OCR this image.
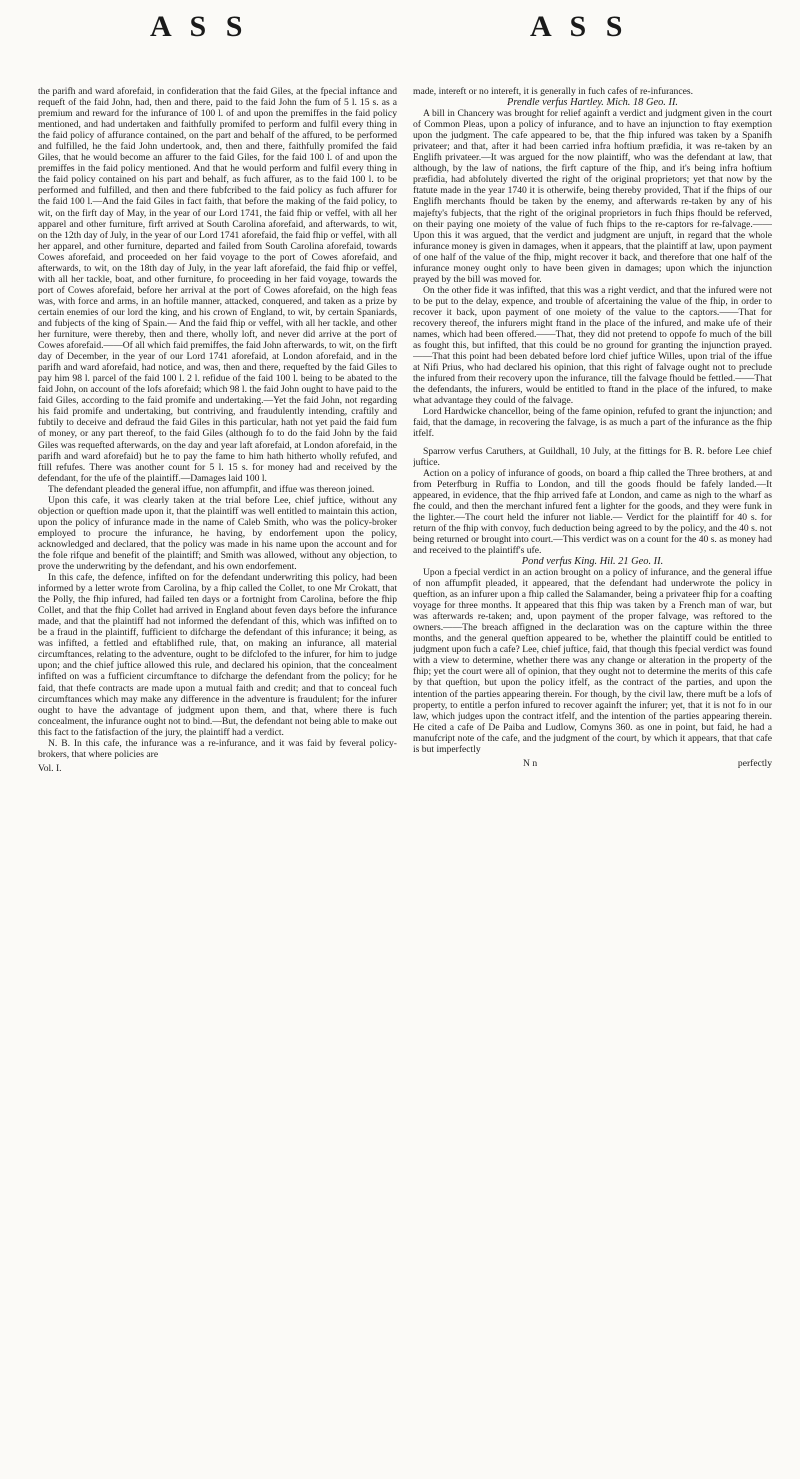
A S S	A S S

the parifh and ward aforefaid, in confideration that the faid Giles, at the fpecial inftance and requeft of the faid John, had, then and there, paid to the faid John the fum of 5 l. 15 s. as a premium and reward for the infurance of 100 l. of and upon the premiffes in the faid policy mentioned, and had undertaken and faithfully promifed to perform and fulfil every thing in the faid policy of affurance contained, on the part and behalf of the affured, to be performed and fulfilled, he the faid John undertook, and, then and there, faithfully promifed the faid Giles, that he would become an affurer to the faid Giles, for the faid 100 l. of and upon the premiffes in the faid policy mentioned. And that he would perform and fulfil every thing in the faid policy contained on his part and behalf, as fuch affurer, as to the faid 100 l. to be performed and fulfilled, and then and there fubfcribed to the faid policy as fuch affurer for the faid 100 l.—And the faid Giles in fact faith, that before the making of the faid policy, to wit, on the firft day of May, in the year of our Lord 1741, the faid fhip or veffel, with all her apparel and other furniture, firft arrived at South Carolina aforefaid, and afterwards, to wit, on the 12th day of July, in the year of our Lord 1741 aforefaid, the faid fhip or veffel, with all her apparel, and other furniture, departed and failed from South Carolina aforefaid, towards Cowes aforefaid, and proceeded on her faid voyage to the port of Cowes aforefaid, and afterwards, to wit, on the 18th day of July, in the year laft aforefaid, the faid fhip or veffel, with all her tackle, boat, and other furniture, fo proceeding in her faid voyage, towards the port of Cowes aforefaid, before her arrival at the port of Cowes aforefaid, on the high feas was, with force and arms, in an hoftile manner, attacked, conquered, and taken as a prize by certain enemies of our lord the king, and his crown of England, to wit, by certain Spaniards, and fubjects of the king of Spain.— And the faid fhip or veffel, with all her tackle, and other her furniture, were thereby, then and there, wholly loft, and never did arrive at the port of Cowes aforefaid.——Of all which faid premiffes, the faid John afterwards, to wit, on the firft day of December, in the year of our Lord 1741 aforefaid, at London aforefaid, and in the parifh and ward aforefaid, had notice, and was, then and there, requefted by the faid Giles to pay him 98 l. parcel of the faid 100 l. 2 l. refidue of the faid 100 l. being to be abated to the faid John, on account of the lofs aforefaid; which 98 l. the faid John ought to have paid to the faid Giles, according to the faid promife and undertaking.—Yet the faid John, not regarding his faid promife and undertaking, but contriving, and fraudulently intending, craftily and fubtily to deceive and defraud the faid Giles in this particular, hath not yet paid the faid fum of money, or any part thereof, to the faid Giles (although fo to do the faid John by the faid Giles was requefted afterwards, on the day and year laft aforefaid, at London aforefaid, in the parifh and ward aforefaid) but he to pay the fame to him hath hitherto wholly refufed, and ftill refufes. There was another count for 5 l. 15 s. for money had and received by the defendant, for the ufe of the plaintiff.—Damages laid 100 l.

The defendant pleaded the general iffue, non affumpfit, and iffue was thereon joined.

Upon this cafe, it was clearly taken at the trial before Lee, chief juftice, without any objection or queftion made upon it, that the plaintiff was well entitled to maintain this action, upon the policy of infurance made in the name of Caleb Smith, who was the policy-broker employed to procure the infurance, he having, by endorfement upon the policy, acknowledged and declared, that the policy was made in his name upon the account and for the fole rifque and benefit of the plaintiff; and Smith was allowed, without any objection, to prove the underwriting by the defendant, and his own endorfement.

In this cafe, the defence, infifted on for the defendant underwriting this policy, had been informed by a letter wrote from Carolina, by a fhip called the Collet, to one Mr Crokatt, that the Polly, the fhip infured, had failed ten days or a fortnight from Carolina, before the fhip Collet, and that the fhip Collet had arrived in England about feven days before the infurance made, and that the plaintiff had not informed the defendant of this, which was infifted on to be a fraud in the plaintiff, fufficient to difcharge the defendant of this infurance; it being, as was infifted, a fettled and eftablifhed rule, that, on making an infurance, all material circumftances, relating to the adventure, ought to be difclofed to the infurer, for him to judge upon; and the chief juftice allowed this rule, and declared his opinion, that the concealment infifted on was a fufficient circumftance to difcharge the defendant from the policy; for he faid, that thefe contracts are made upon a mutual faith and credit; and that to conceal fuch circumftances which may make any difference in the adventure is fraudulent; for the infurer ought to have the advantage of judgment upon them, and that, where there is fuch concealment, the infurance ought not to bind.—But, the defendant not being able to make out this fact to the fatisfaction of the jury, the plaintiff had a verdict.

N. B. In this cafe, the infurance was a re-infurance, and it was faid by feveral policy-brokers, that where policies are

Vol. I.

made, intereft or no intereft, it is generally in fuch cafes of re-infurances.

Prendle verfus Hartley. Mich. 18 Geo. II.

A bill in Chancery was brought for relief againft a verdict and judgment given in the court of Common Pleas, upon a policy of infurance, and to have an injunction to ftay exemption upon the judgment. The cafe appeared to be, that the fhip infured was taken by a Spanifh privateer; and that, after it had been carried infra hoftium præfidia, it was re-taken by an Englifh privateer.—It was argued for the now plaintiff, who was the defendant at law, that although, by the law of nations, the firft capture of the fhip, and it's being infra hoftium præfidia, had abfolutely diverted the right of the original proprietors; yet that now by the ftatute made in the year 1740 it is otherwife, being thereby provided, That if the fhips of our Englifh merchants fhould be taken by the enemy, and afterwards re-taken by any of his majefty's fubjects, that the right of the original proprietors in fuch fhips fhould be referved, on their paying one moiety of the value of fuch fhips to the re-captors for re-falvage.——Upon this it was argued, that the verdict and judgment are unjuft, in regard that the whole infurance money is given in damages, when it appears, that the plaintiff at law, upon payment of one half of the value of the fhip, might recover it back, and therefore that one half of the infurance money ought only to have been given in damages; upon which the injunction prayed by the bill was moved for.

On the other fide it was infifted, that this was a right verdict, and that the infured were not to be put to the delay, expence, and trouble of afcertaining the value of the fhip, in order to recover it back, upon payment of one moiety of the value to the captors.——That for recovery thereof, the infurers might ftand in the place of the infured, and make ufe of their names, which had been offered.——That, they did not pretend to oppofe fo much of the bill as fought this, but infifted, that this could be no ground for granting the injunction prayed.——That this point had been debated before lord chief juftice Willes, upon trial of the iffue at Nifi Prius, who had declared his opinion, that this right of falvage ought not to preclude the infured from their recovery upon the infurance, till the falvage fhould be fettled.——That the defendants, the infurers, would be entitled to ftand in the place of the infured, to make what advantage they could of the falvage.

Lord Hardwicke chancellor, being of the fame opinion, refufed to grant the injunction; and faid, that the damage, in recovering the falvage, is as much a part of the infurance as the fhip itfelf.

Sparrow verfus Caruthers, at Guildhall, 10 July, at the fittings for B. R. before Lee chief juftice.

Action on a policy of infurance of goods, on board a fhip called the Three brothers, at and from Peterfburg in Ruffia to London, and till the goods fhould be fafely landed.—It appeared, in evidence, that the fhip arrived fafe at London, and came as nigh to the wharf as fhe could, and then the merchant infured fent a lighter for the goods, and they were funk in the lighter.—The court held the infurer not liable.— Verdict for the plaintiff for 40 s. for return of the fhip with convoy, fuch deduction being agreed to by the policy, and the 40 s. not being returned or brought into court.—This verdict was on a count for the 40 s. as money had and received to the plaintiff's ufe.

Pond verfus King. Hil. 21 Geo. II.

Upon a fpecial verdict in an action brought on a policy of infurance, and the general iffue of non affumpfit pleaded, it appeared, that the defendant had underwrote the policy in queftion, as an infurer upon a fhip called the Salamander, being a privateer fhip for a coafting voyage for three months. It appeared that this fhip was taken by a French man of war, but was afterwards re-taken; and, upon payment of the proper falvage, was reftored to the owners.——The breach affigned in the declaration was on the capture within the three months, and the general queftion appeared to be, whether the plaintiff could be entitled to judgment upon fuch a cafe? Lee, chief juftice, faid, that though this fpecial verdict was found with a view to determine, whether there was any change or alteration in the property of the fhip; yet the court were all of opinion, that they ought not to determine the merits of this cafe by that queftion, but upon the policy itfelf, as the contract of the parties, and upon the intention of the parties appearing therein. For though, by the civil law, there muft be a lofs of property, to entitle a perfon infured to recover againft the infurer; yet, that it is not fo in our law, which judges upon the contract itfelf, and the intention of the parties appearing therein. He cited a cafe of De Paiba and Ludlow, Comyns 360. as one in point, but faid, he had a manufcript note of the cafe, and the judgment of the court, by which it appears, that that cafe is but imperfectly

N n	perfectly
